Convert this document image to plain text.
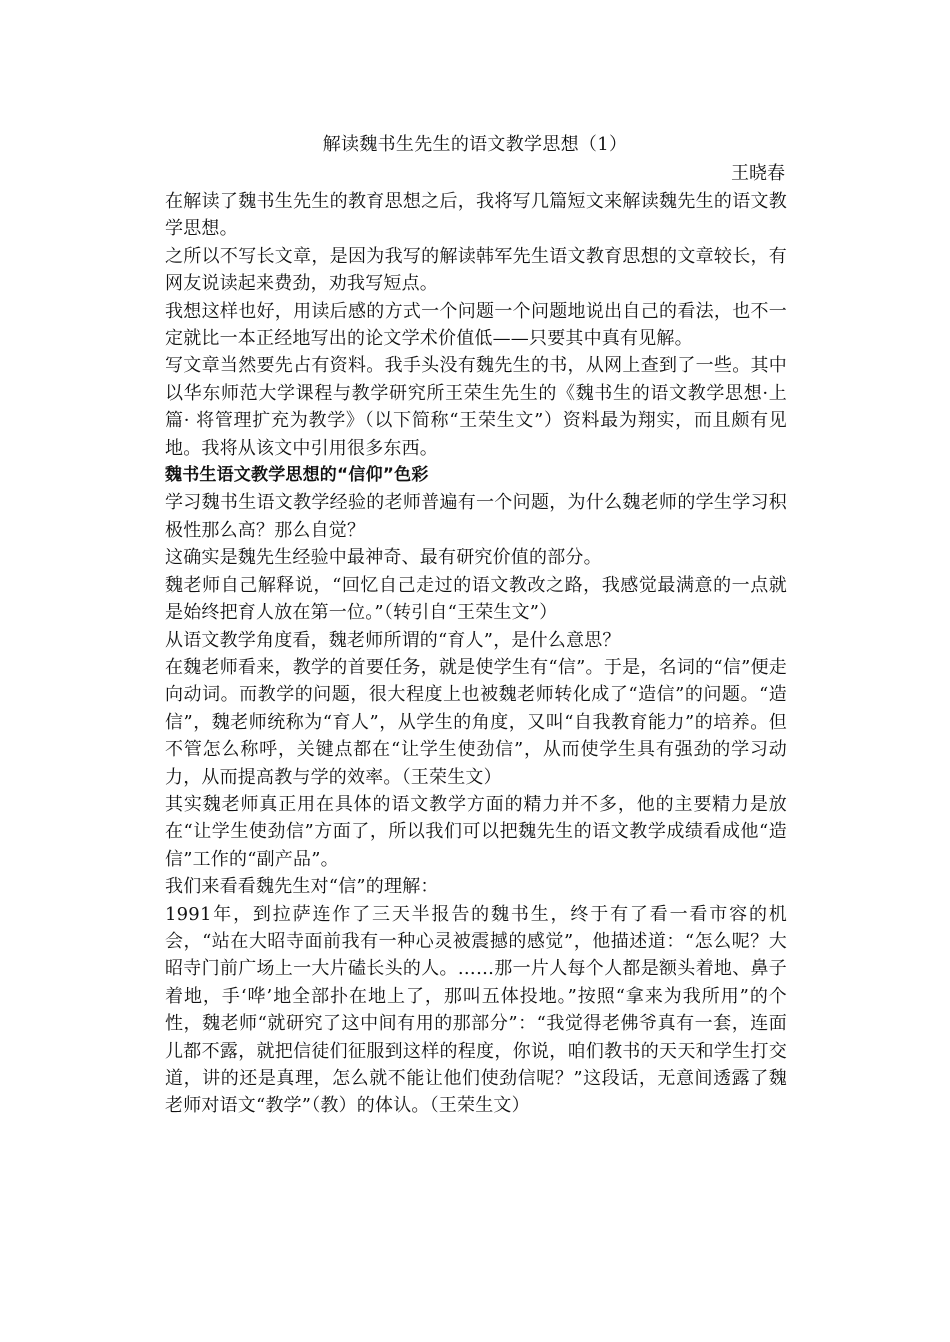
解读魏书生先生的语文教学思想（1）
王晓春

在解读了魏书生先生的教育思想之后，我将写几篇短文来解读魏先生的语文教学思想。

之所以不写长文章，是因为我写的解读韩军先生语文教育思想的文章较长，有网友说读起来费劲，劝我写短点。

我想这样也好，用读后感的方式一个问题一个问题地说出自己的看法，也不一定就比一本正经地写出的论文学术价值低——只要其中真有见解。

写文章当然要先占有资料。我手头没有魏先生的书，从网上查到了一些。其中以华东师范大学课程与教学研究所王荣生先生的《魏书生的语文教学思想·上篇· 将管理扩充为教学》（以下简称“王荣生文”）资料最为翔实，而且颇有见地。我将从该文中引用很多东西。

魏书生语文教学思想的“信仰”色彩

学习魏书生语文教学经验的老师普遍有一个问题，为什么魏老师的学生学习积极性那么高？那么自觉？

这确实是魏先生经验中最神奇、最有研究价值的部分。

魏老师自己解释说，“回忆自己走过的语文教改之路，我感觉最满意的一点就是始终把育人放在第一位。”（转引自“王荣生文”）

从语文教学角度看，魏老师所谓的“育人”，是什么意思？

在魏老师看来，教学的首要任务，就是使学生有“信”。于是，名词的“信”便走向动词。而教学的问题，很大程度上也被魏老师转化成了“造信”的问题。“造信”，魏老师统称为“育人”，从学生的角度，又叫“自我教育能力”的培养。但不管怎么称呼，关键点都在“让学生使劲信”，从而使学生具有强劲的学习动力，从而提高教与学的效率。（王荣生文）

其实魏老师真正用在具体的语文教学方面的精力并不多，他的主要精力是放在“让学生使劲信”方面了，所以我们可以把魏先生的语文教学成绩看成他“造信”工作的“副产品”。

我们来看看魏先生对“信”的理解：

1991年，到拉萨连作了三天半报告的魏书生，终于有了看一看市容的机会，“站在大昭寺面前我有一种心灵被震撼的感觉”，他描述道：“怎么呢？大昭寺门前广场上一大片磕长头的人。……那一片人每个人都是额头着地、鼻子着地，手‘哗’地全部扑在地上了，那叫五体投地。”按照“拿来为我所用”的个性，魏老师“就研究了这中间有用的那部分”：“我觉得老佛爷真有一套，连面儿都不露，就把信徒们征服到这样的程度，你说，咱们教书的天天和学生打交道，讲的还是真理，怎么就不能让他们使劲信呢？”这段话，无意间透露了魏老师对语文“教学”（教）的体认。（王荣生文）
